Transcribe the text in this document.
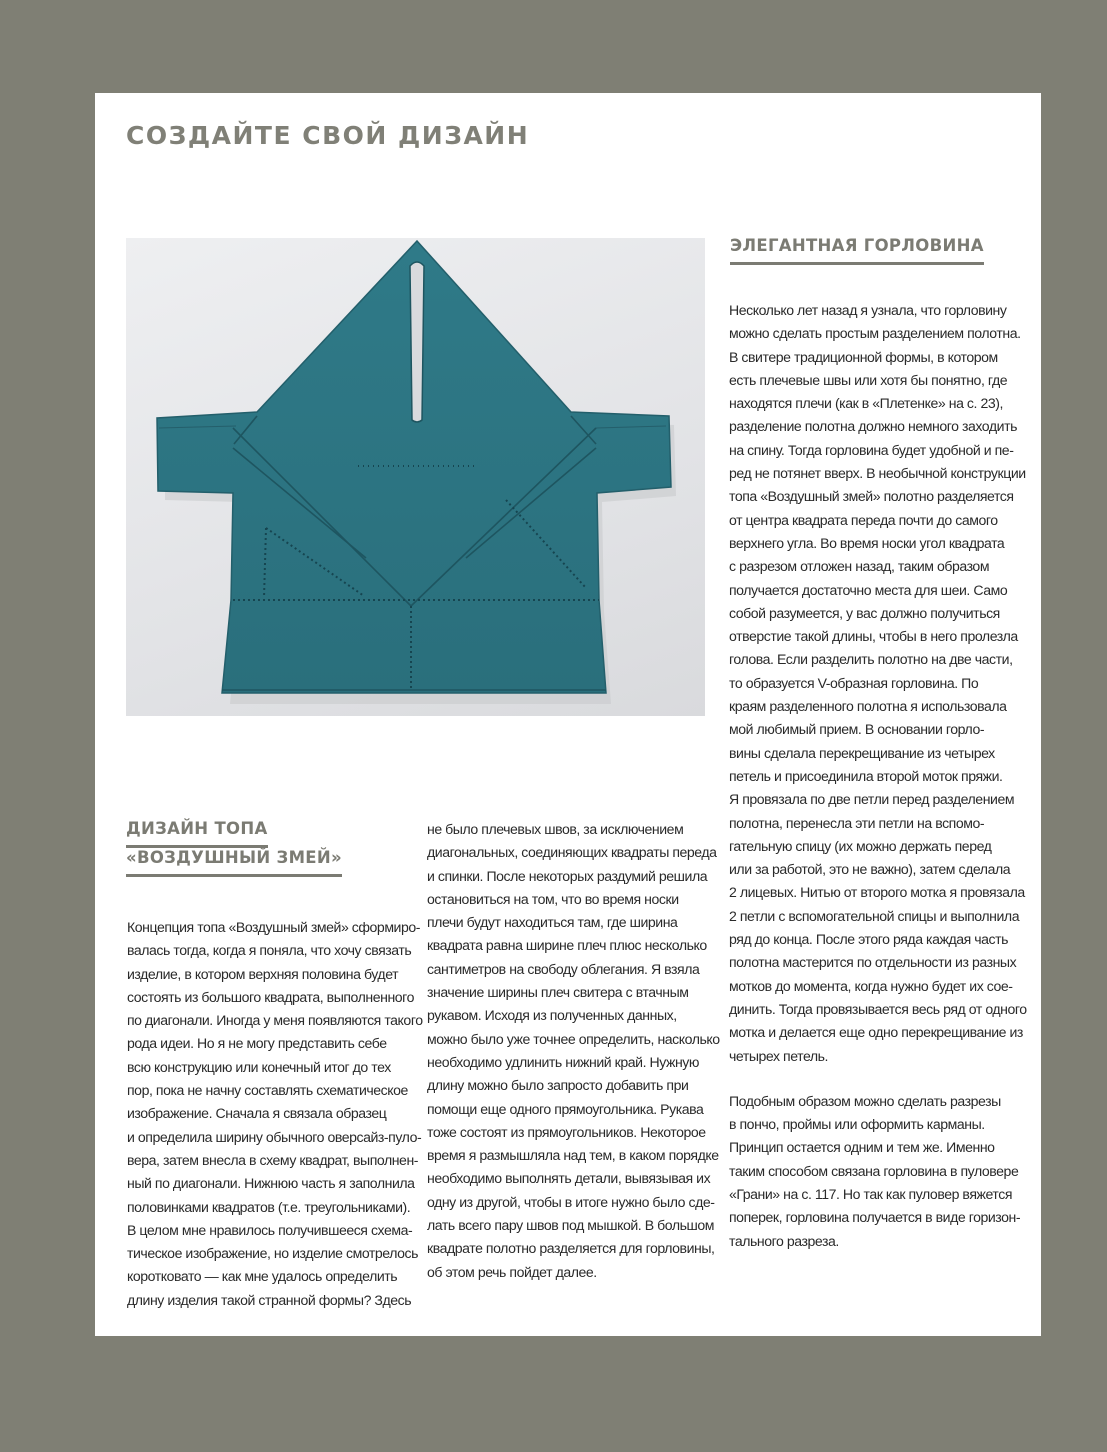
СОЗДАЙТЕ СВОЙ ДИЗАЙН
ЭЛЕГАНТНАЯ ГОРЛОВИНА
ДИЗАЙН ТОПА
«ВОЗДУШНЫЙ ЗМЕЙ»

Концепция топа «Воздушный змей» сформиро-
валась тогда, когда я поняла, что хочу связать
изделие, в котором верхняя половина будет
состоять из большого квадрата, выполненного
по диагонали. Иногда у меня появляются такого
рода идеи. Но я не могу представить себе
всю конструкцию или конечный итог до тех
пор, пока не начну составлять схематическое
изображение. Сначала я связала образец
и определила ширину обычного оверсайз-пуло-
вера, затем внесла в схему квадрат, выполнен-
ный по диагонали. Нижнюю часть я заполнила
половинками квадратов (т.е. треугольниками).
В целом мне нравилось получившееся схема-
тическое изображение, но изделие смотрелось
коротковато — как мне удалось определить
длину изделия такой странной формы? Здесь

не было плечевых швов, за исключением
диагональных, соединяющих квадраты переда
и спинки. После некоторых раздумий решила
остановиться на том, что во время носки
плечи будут находиться там, где ширина
квадрата равна ширине плеч плюс несколько
сантиметров на свободу облегания. Я взяла
значение ширины плеч свитера с втачным
рукавом. Исходя из полученных данных,
можно было уже точнее определить, насколько
необходимо удлинить нижний край. Нужную
длину можно было запросто добавить при
помощи еще одного прямоугольника. Рукава
тоже состоят из прямоугольников. Некоторое
время я размышляла над тем, в каком порядке
необходимо выполнять детали, вывязывая их
одну из другой, чтобы в итоге нужно было сде-
лать всего пару швов под мышкой. В большом
квадрате полотно разделяется для горловины,
об этом речь пойдет далее.

Несколько лет назад я узнала, что горловину
можно сделать простым разделением полотна.
В свитере традиционной формы, в котором
есть плечевые швы или хотя бы понятно, где
находятся плечи (как в «Плетенке» на с. 23),
разделение полотна должно немного заходить
на спину. Тогда горловина будет удобной и пе-
ред не потянет вверх. В необычной конструкции
топа «Воздушный змей» полотно разделяется
от центра квадрата переда почти до самого
верхнего угла. Во время носки угол квадрата
с разрезом отложен назад, таким образом
получается достаточно места для шеи. Само
собой разумеется, у вас должно получиться
отверстие такой длины, чтобы в него пролезла
голова. Если разделить полотно на две части,
то образуется V-образная горловина. По
краям разделенного полотна я использовала
мой любимый прием. В основании горло-
вины сделала перекрещивание из четырех
петель и присоединила второй моток пряжи.
Я провязала по две петли перед разделением
полотна, перенесла эти петли на вспомо-
гательную спицу (их можно держать перед
или за работой, это не важно), затем сделала
2 лицевых. Нитью от второго мотка я провязала
2 петли с вспомогательной спицы и выполнила
ряд до конца. После этого ряда каждая часть
полотна мастерится по отдельности из разных
мотков до момента, когда нужно будет их сое-
динить. Тогда провязывается весь ряд от одного
мотка и делается еще одно перекрещивание из
четырех петель.

Подобным образом можно сделать разрезы
в пончо, проймы или оформить карманы.
Принцип остается одним и тем же. Именно
таким способом связана горловина в пуловере
«Грани» на с. 117. Но так как пуловер вяжется
поперек, горловина получается в виде горизон-
тального разреза.
